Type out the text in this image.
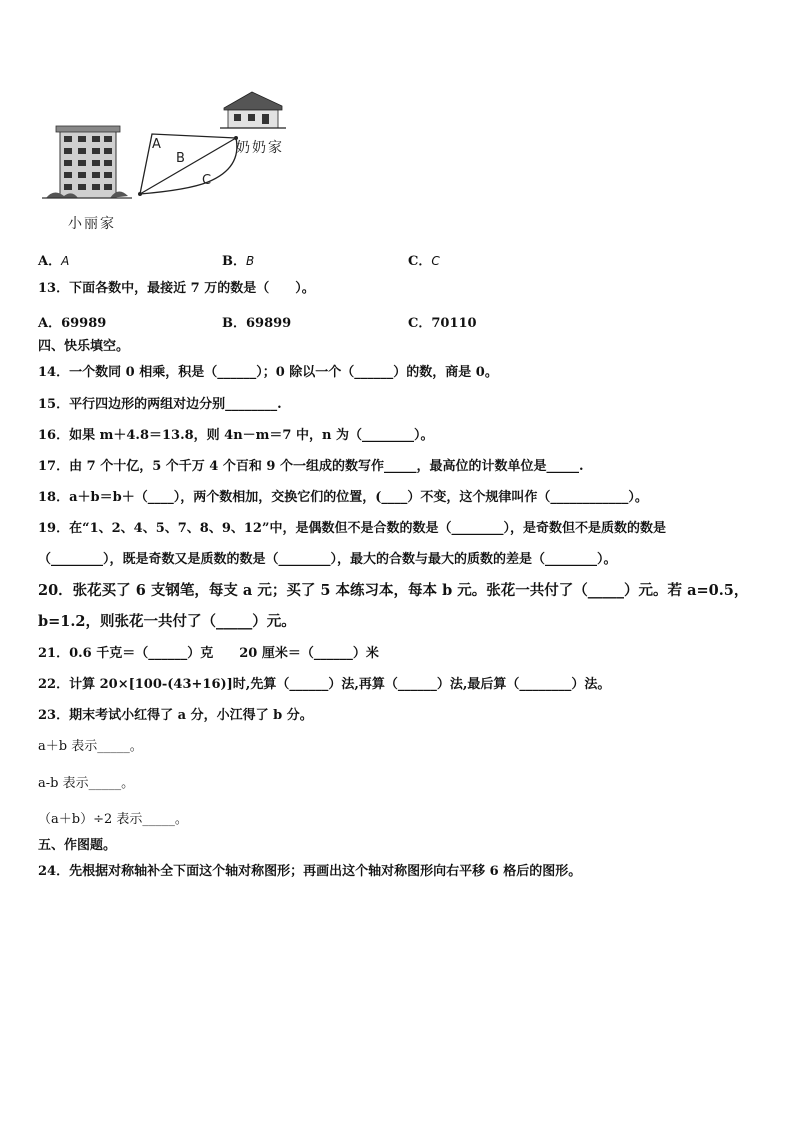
A
B
C
奶奶家
小丽家
A．A	B．B	C．C
13．下面各数中，最接近 7 万的数是（　　）。
A．69989	B．69899	C．70110
四、快乐填空。
14．一个数同 0 相乘，积是（______）；0 除以一个（______）的数，商是 0。
15．平行四边形的两组对边分别________.
16．如果 m＋4.8＝13.8，则 4n－m＝7 中，n 为（________）。
17．由 7 个十亿，5 个千万 4 个百和 9 个一组成的数写作_____，最高位的计数单位是_____.
18．a＋b＝b＋（____），两个数相加，交换它们的位置，(____）不变，这个规律叫作（____________）。
19．在“1、2、4、5、7、8、9、12”中，是偶数但不是合数的数是（________），是奇数但不是质数的数是
（________），既是奇数又是质数的数是（________），最大的合数与最大的质数的差是（________）。
20．张花买了 6 支钢笔，每支 a 元；买了 5 本练习本，每本 b 元。张花一共付了（_____）元。若 a=0.5，
b=1.2，则张花一共付了（_____）元。
21．0.6 千克＝（______）克　　20 厘米＝（______）米
22．计算 20×[100-(43+16)]时,先算（______）法,再算（______）法,最后算（________）法。
23．期末考试小红得了 a 分，小江得了 b 分。
a＋b 表示_____。
a-b 表示_____。
（a＋b）÷2 表示_____。
五、作图题。
24．先根据对称轴补全下面这个轴对称图形；再画出这个轴对称图形向右平移 6 格后的图形。
